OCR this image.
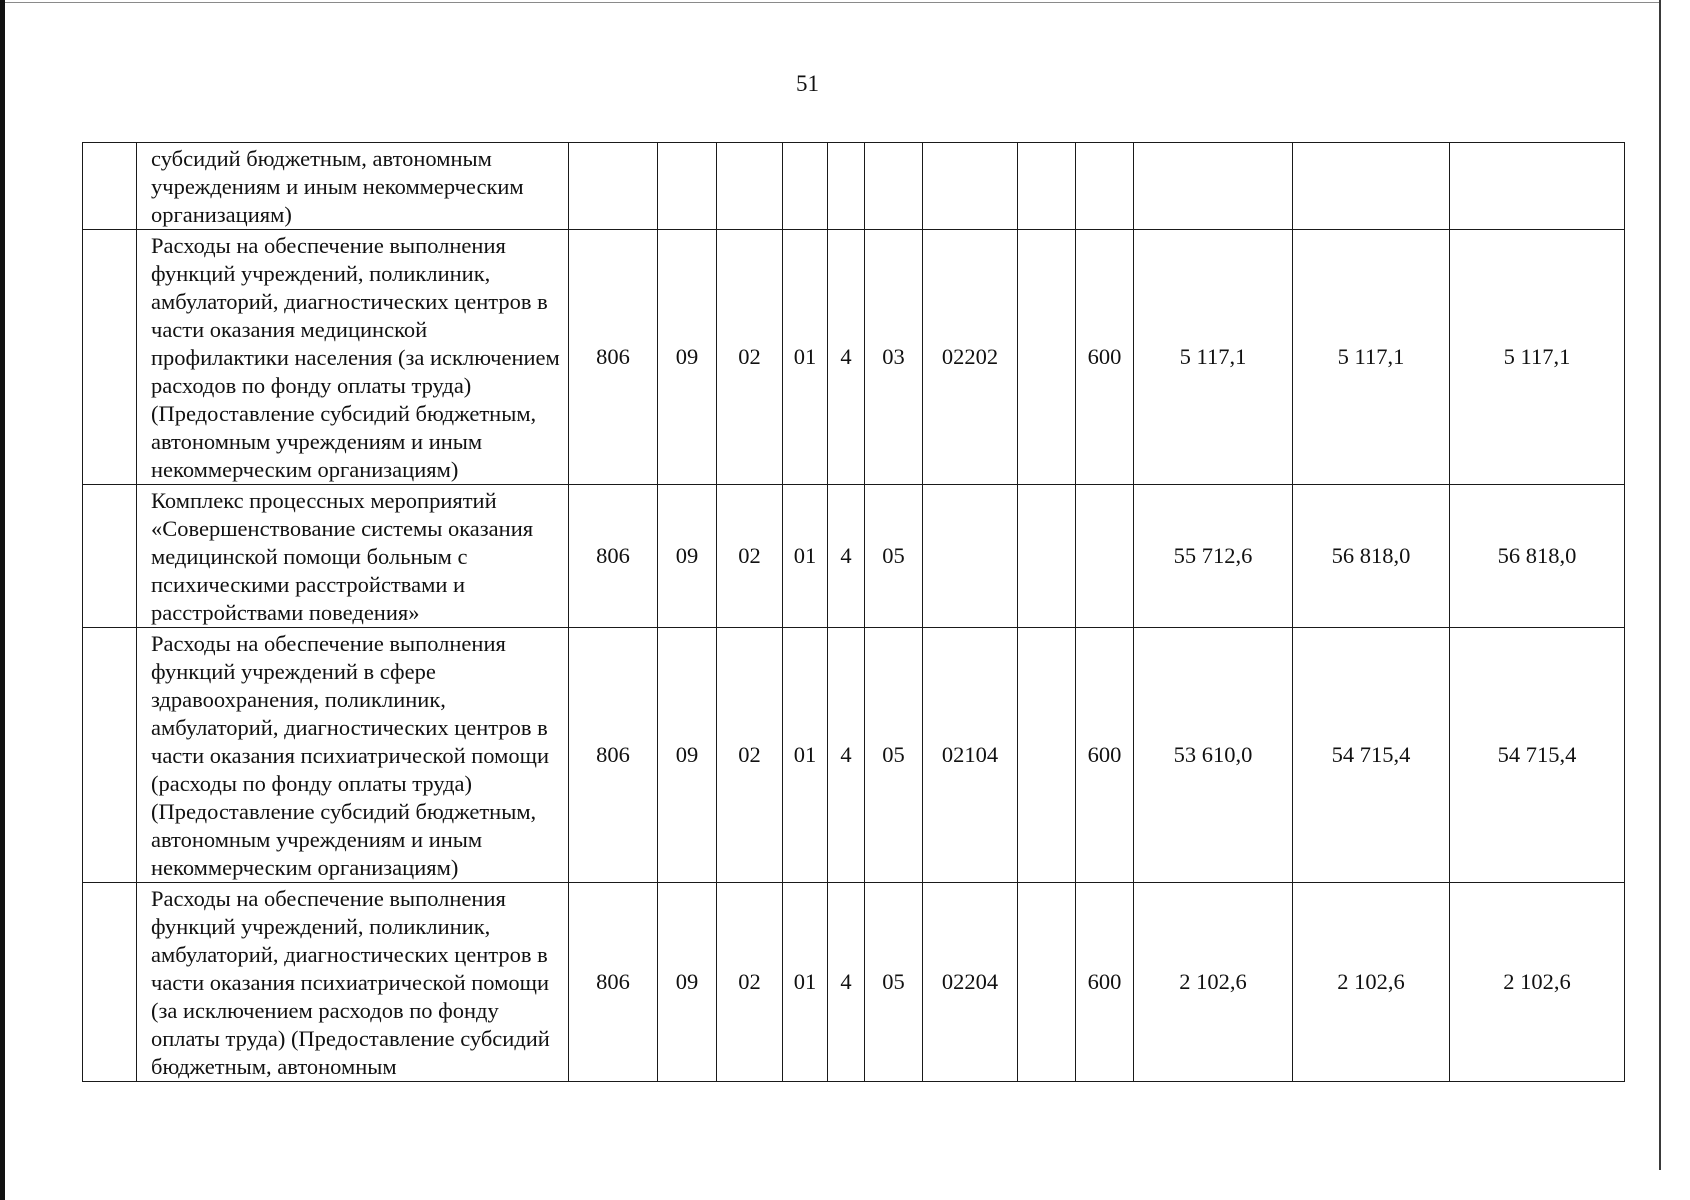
51
	субсидий бюджетным, автономным учреждениям и иным некоммерческим организациям)												
	Расходы на обеспечение выполнения функций учреждений, поликлиник, амбулаторий, диагностических центров в части оказания медицинской профилактики населения (за исключением расходов по фонду оплаты труда) (Предоставление субсидий бюджетным, автономным учреждениям и иным некоммерческим организациям)	806	09	02	01	4	03	02202		600	5 117,1	5 117,1	5 117,1
	Комплекс процессных мероприятий «Совершенствование системы оказания медицинской помощи больным с психическими расстройствами и расстройствами поведения»	806	09	02	01	4	05				55 712,6	56 818,0	56 818,0
	Расходы на обеспечение выполнения функций учреждений в сфере здравоохранения, поликлиник, амбулаторий, диагностических центров в части оказания психиатрической помощи (расходы по фонду оплаты труда) (Предоставление субсидий бюджетным, автономным учреждениям и иным некоммерческим организациям)	806	09	02	01	4	05	02104		600	53 610,0	54 715,4	54 715,4
	Расходы на обеспечение выполнения функций учреждений, поликлиник, амбулаторий, диагностических центров в части оказания психиатрической помощи (за исключением расходов по фонду оплаты труда) (Предоставление субсидий бюджетным, автономным	806	09	02	01	4	05	02204		600	2 102,6	2 102,6	2 102,6
